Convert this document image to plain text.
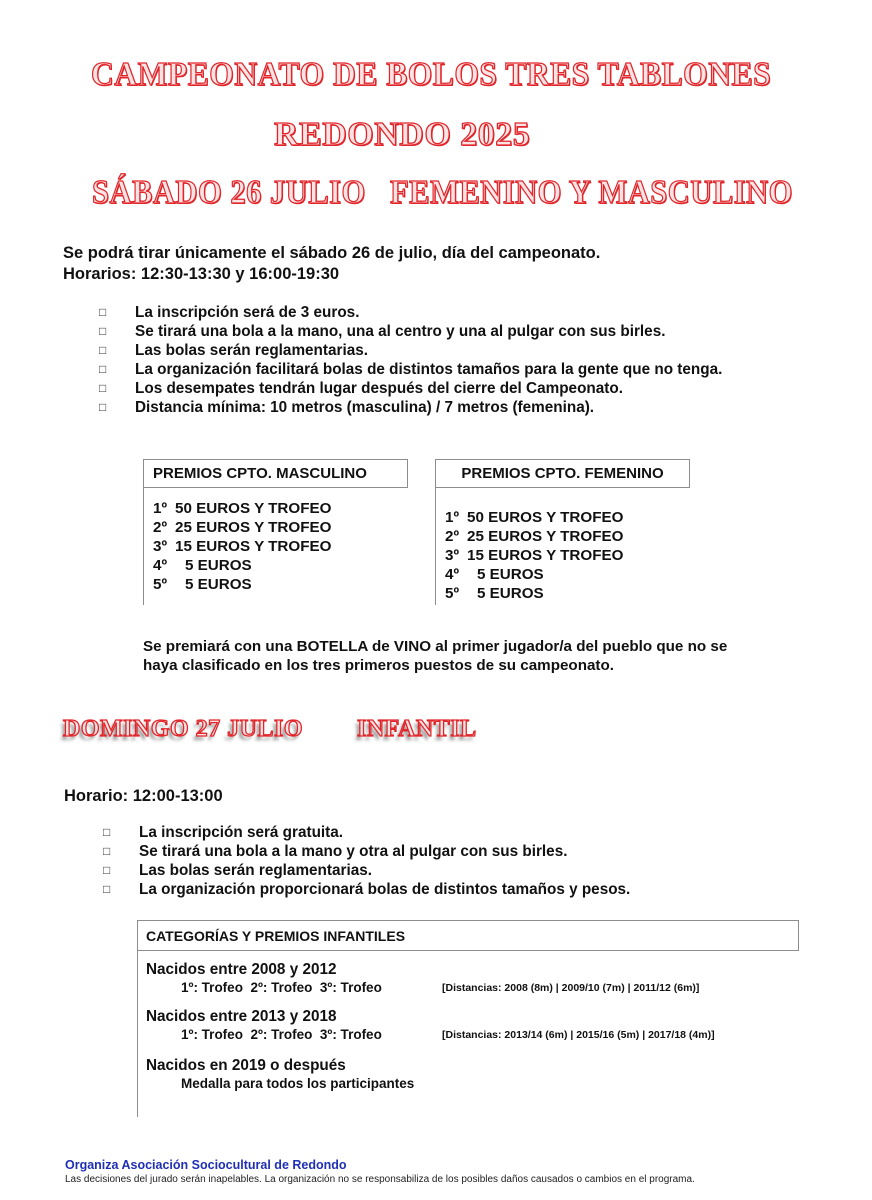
CAMPEONATO DE BOLOS TRES TABLONES
REDONDO 2025
SÁBADO 26 JULIO   FEMENINO Y MASCULINO
Se podrá tirar únicamente el sábado 26 de julio, día del campeonato.
Horarios: 12:30-13:30 y 16:00-19:30
□ La inscripción será de 3 euros.
□ Se tirará una bola a la mano, una al centro y una al pulgar con sus birles.
□ Las bolas serán reglamentarias.
□ La organización facilitará bolas de distintos tamaños para la gente que no tenga.
□ Los desempates tendrán lugar después del cierre del Campeonato.
□ Distancia mínima: 10 metros (masculina) / 7 metros (femenina).
PREMIOS CPTO. MASCULINO
1º 50 EUROS Y TROFEO
2º 25 EUROS Y TROFEO
3º 15 EUROS Y TROFEO
4º 5 EUROS
5º 5 EUROS
PREMIOS CPTO. FEMENINO
1º 50 EUROS Y TROFEO
2º 25 EUROS Y TROFEO
3º 15 EUROS Y TROFEO
4º 5 EUROS
5º 5 EUROS
Se premiará con una BOTELLA de VINO al primer jugador/a del pueblo que no se
haya clasificado en los tres primeros puestos de su campeonato.
DOMINGO 27 JULIO INFANTIL
Horario: 12:00-13:00
□ La inscripción será gratuita.
□ Se tirará una bola a la mano y otra al pulgar con sus birles.
□ Las bolas serán reglamentarias.
□ La organización proporcionará bolas de distintos tamaños y pesos.
CATEGORÍAS Y PREMIOS INFANTILES
Nacidos entre 2008 y 2012
1º: Trofeo  2º: Trofeo  3º: Trofeo	[Distancias: 2008 (8m) | 2009/10 (7m) | 2011/12 (6m)]
Nacidos entre 2013 y 2018
1º: Trofeo  2º: Trofeo  3º: Trofeo	[Distancias: 2013/14 (6m) | 2015/16 (5m) | 2017/18 (4m)]
Nacidos en 2019 o después
Medalla para todos los participantes
Organiza Asociación Sociocultural de Redondo
Las decisiones del jurado serán inapelables. La organización no se responsabiliza de los posibles daños causados o cambios en el programa.
